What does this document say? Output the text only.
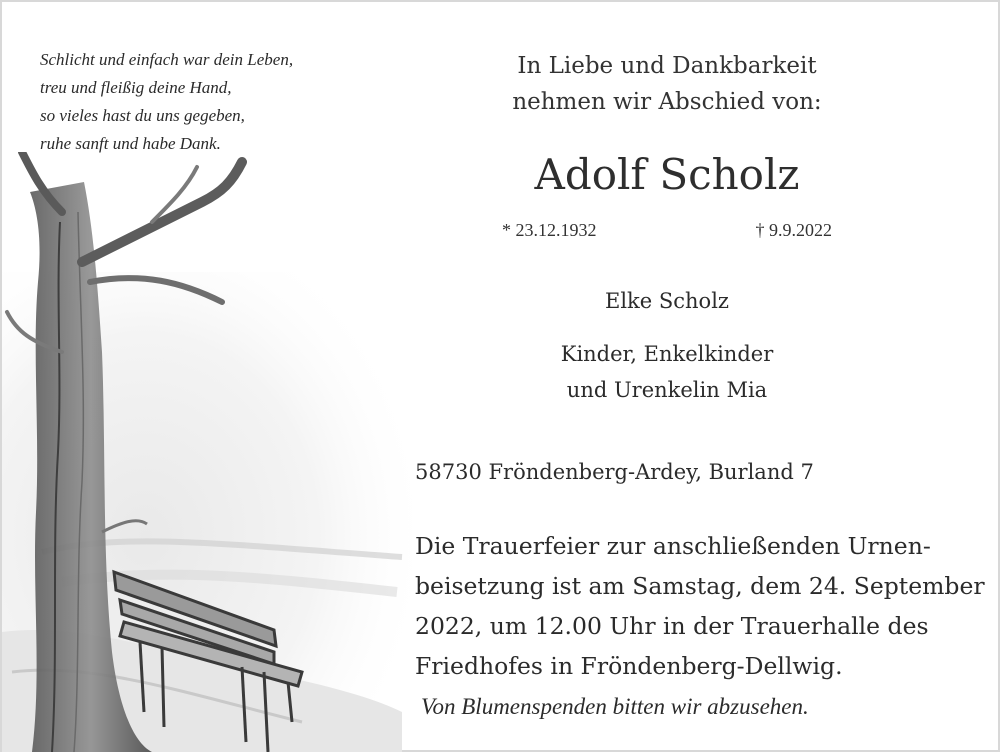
Schlicht und einfach war dein Leben,
treu und fleißig deine Hand,
so vieles hast du uns gegeben,
ruhe sanft und habe Dank.
In Liebe und Dankbarkeit
nehmen wir Abschied von:
Adolf Scholz
* 23.12.1932	† 9.9.2022
Elke Scholz
Kinder, Enkelkinder
und Urenkelin Mia
58730 Fröndenberg-Ardey, Burland 7
Die Trauerfeier zur anschließenden Urnen-
beisetzung ist am Samstag, dem 24. September
2022, um 12.00 Uhr in der Trauerhalle des
Friedhofes in Fröndenberg-Dellwig.
Von Blumenspenden bitten wir abzusehen.
